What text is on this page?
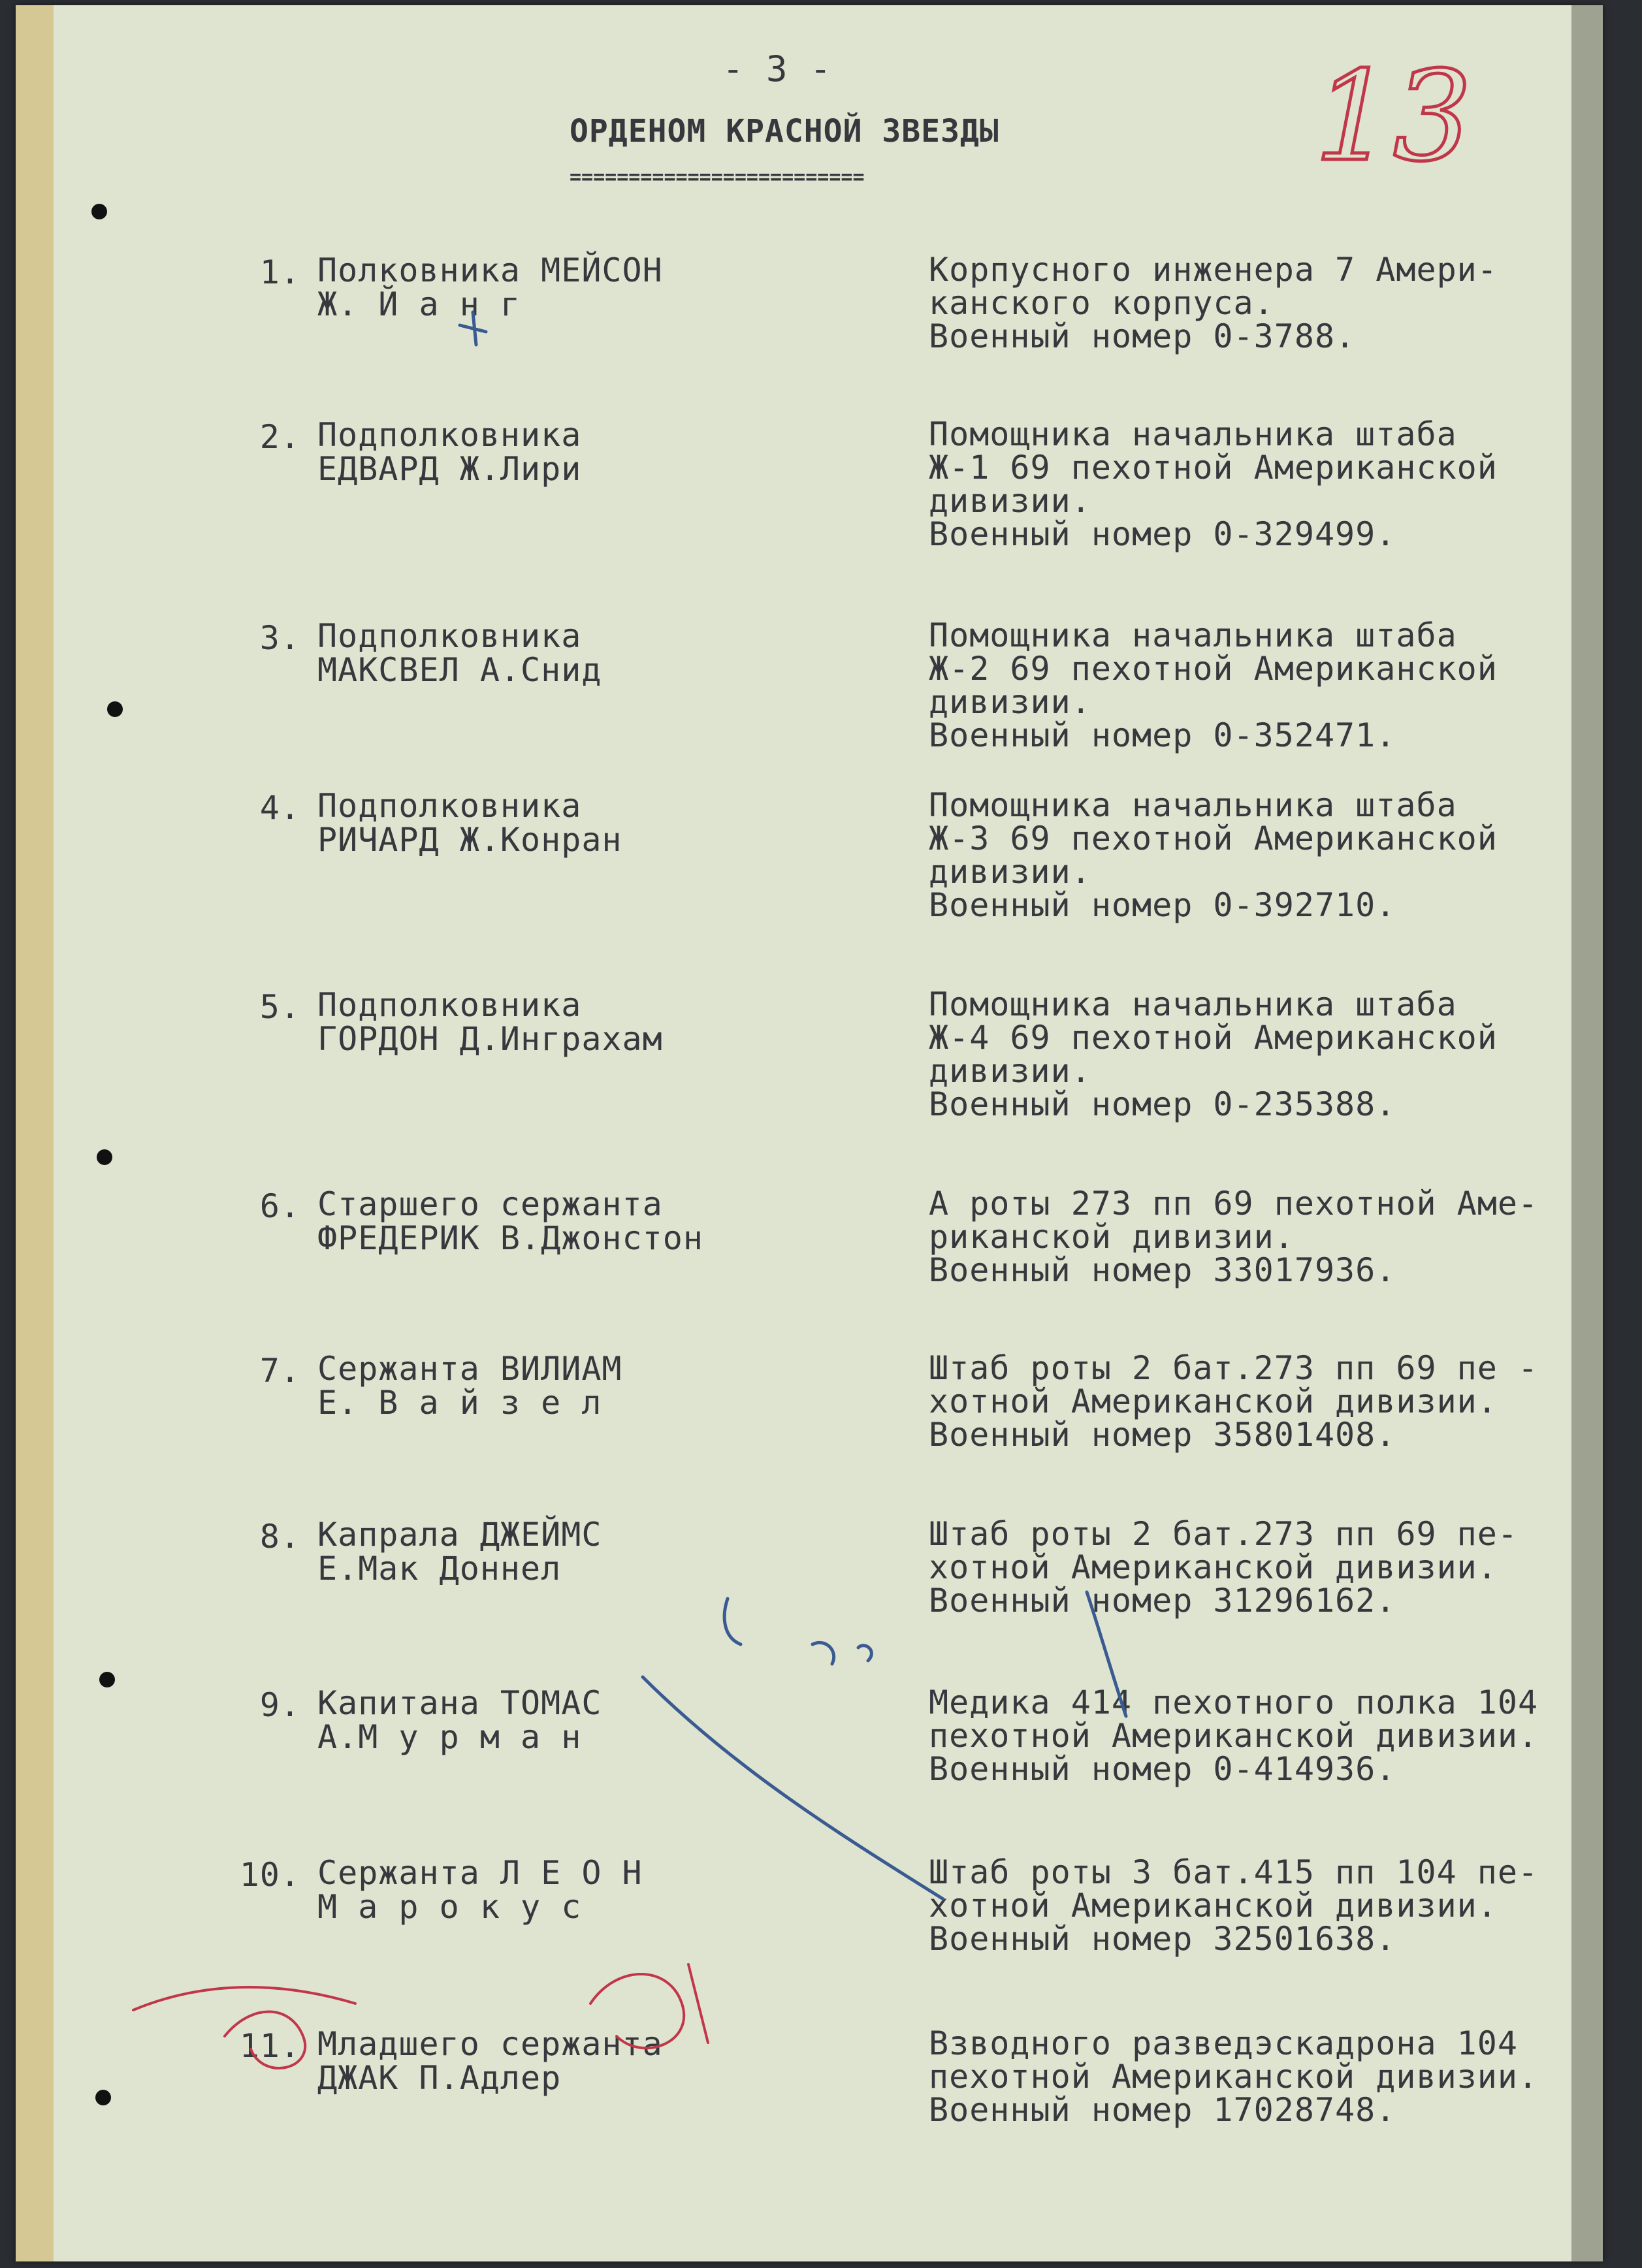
- 3 -
ОРДЕНОМ КРАСНОЙ ЗВЕЗДЫ
=========================	13
1. Полковника МЕЙСОН
Ж. Й а н г
Корпусного инженера 7 Амери-
канского корпуса.
Военный номер 0-3788.
2. Подполковника
ЕДВАРД Ж.Лири
Помощника начальника штаба
Ж-1 69 пехотной Американской
дивизии.
Военный номер 0-329499.
3. Подполковника
МАКСВЕЛ А.Снид
Помощника начальника штаба
Ж-2 69 пехотной Американской
дивизии.
Военный номер 0-352471.
4. Подполковника
РИЧАРД Ж.Конран
Помощника начальника штаба
Ж-3 69 пехотной Американской
дивизии.
Военный номер 0-392710.
5. Подполковника
ГОРДОН Д.Инграхам
Помощника начальника штаба
Ж-4 69 пехотной Американской
дивизии.
Военный номер 0-235388.
6. Старшего сержанта
ФРЕДЕРИК В.Джонстон
А роты 273 пп 69 пехотной Аме-
риканской дивизии.
Военный номер 33017936.
7. Сержанта ВИЛИАМ
Е. В а й з е л
Штаб роты 2 бат.273 пп 69 пе -
хотной Американской дивизии.
Военный номер 35801408.
8. Капрала ДЖЕЙМС
Е.Мак Доннел
Штаб роты 2 бат.273 пп 69 пе-
хотной Американской дивизии.
Военный номер 31296162.
9. Капитана ТОМАС
А.М у р м а н
Медика 414 пехотного полка 104
пехотной Американской дивизии.
Военный номер 0-414936.
10. Сержанта Л Е О Н
М а р о к у с
Штаб роты 3 бат.415 пп 104 пе-
хотной Американской дивизии.
Военный номер 32501638.
11. Младшего сержанта
ДЖАК П.Адлер
Взводного разведэскадрона 104
пехотной Американской дивизии.
Военный номер 17028748.
